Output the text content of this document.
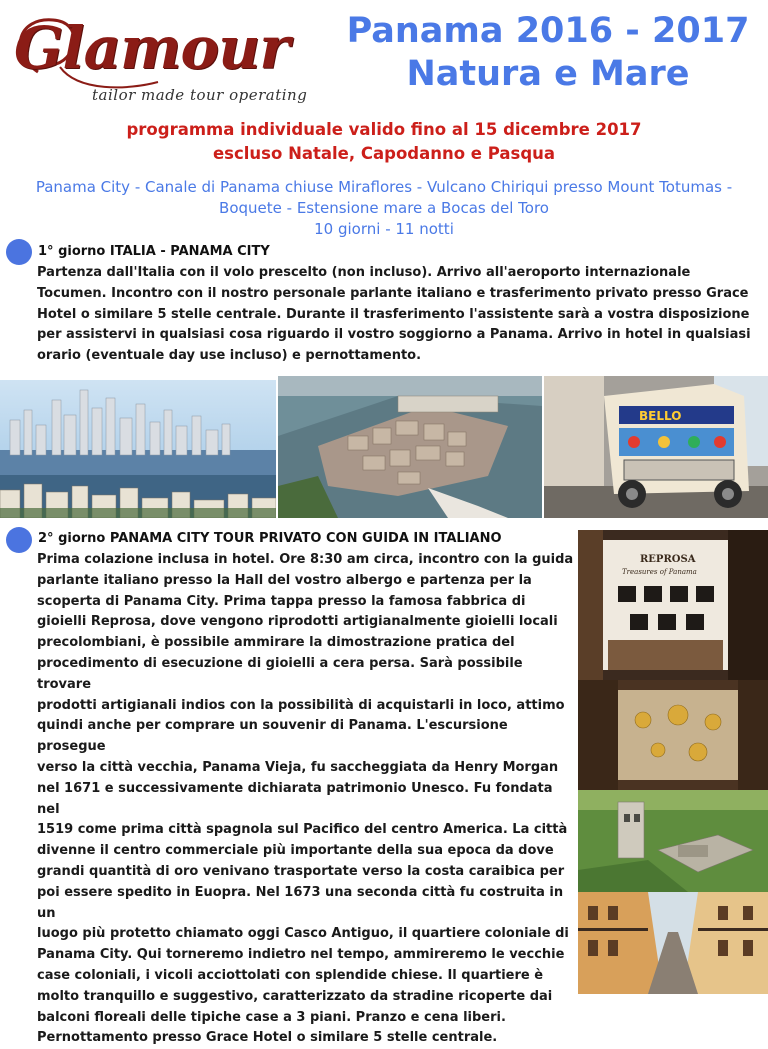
Glamour
tailor made tour operating
Panama 2016 - 2017
Natura e Mare
programma individuale valido fino al 15 dicembre 2017
escluso Natale, Capodanno e Pasqua
Panama City - Canale di Panama chiuse Miraflores - Vulcano Chiriqui presso Mount Totumas -
Boquete - Estensione mare a Bocas del Toro
10 giorni - 11 notti
1° giorno ITALIA - PANAMA CITY
Partenza dall'Italia con il volo prescelto (non incluso). Arrivo all'aeroporto internazionale
Tocumen. Incontro con il nostro personale parlante italiano e trasferimento privato presso Grace
Hotel o similare 5 stelle centrale. Durante il trasferimento l'assistente sarà a vostra disposizione
per assistervi in qualsiasi cosa riguardo il vostro soggiorno a Panama. Arrivo in hotel in qualsiasi
orario (eventuale day use incluso) e pernottamento.
BELLO
2° giorno PANAMA CITY TOUR PRIVATO CON GUIDA IN ITALIANO
Prima colazione inclusa in hotel. Ore 8:30 am circa, incontro con la guida
parlante italiano presso la Hall del vostro albergo e partenza per la
scoperta di Panama City. Prima tappa presso la famosa fabbrica di
gioielli Reprosa, dove vengono riprodotti artigianalmente gioielli locali
precolombiani, è possibile ammirare la dimostrazione pratica del
procedimento di esecuzione di gioielli a cera persa. Sarà possibile trovare
prodotti artigianali indios con la possibilità di acquistarli in loco, attimo
quindi anche per comprare un souvenir di Panama. L'escursione prosegue
verso la città vecchia, Panama Vieja, fu saccheggiata da Henry Morgan
nel 1671 e successivamente dichiarata patrimonio Unesco. Fu fondata nel
1519 come prima città spagnola sul Pacifico del centro America. La città
divenne il centro commerciale più importante della sua epoca da dove
grandi quantità di oro venivano trasportate verso la costa caraibica per
poi essere spedito in Euopra. Nel 1673 una seconda città fu costruita in un
luogo più protetto chiamato oggi Casco Antiguo, il quartiere coloniale di
Panama City. Qui torneremo indietro nel tempo, ammireremo le vecchie
case coloniali, i vicoli acciottolati con splendide chiese. Il quartiere è
molto tranquillo e suggestivo, caratterizzato da stradine ricoperte dai
balconi floreali delle tipiche case a 3 piani. Pranzo e cena liberi.
Pernottamento presso Grace Hotel o similare 5 stelle centrale.
REPROSA
Treasures of Panama
